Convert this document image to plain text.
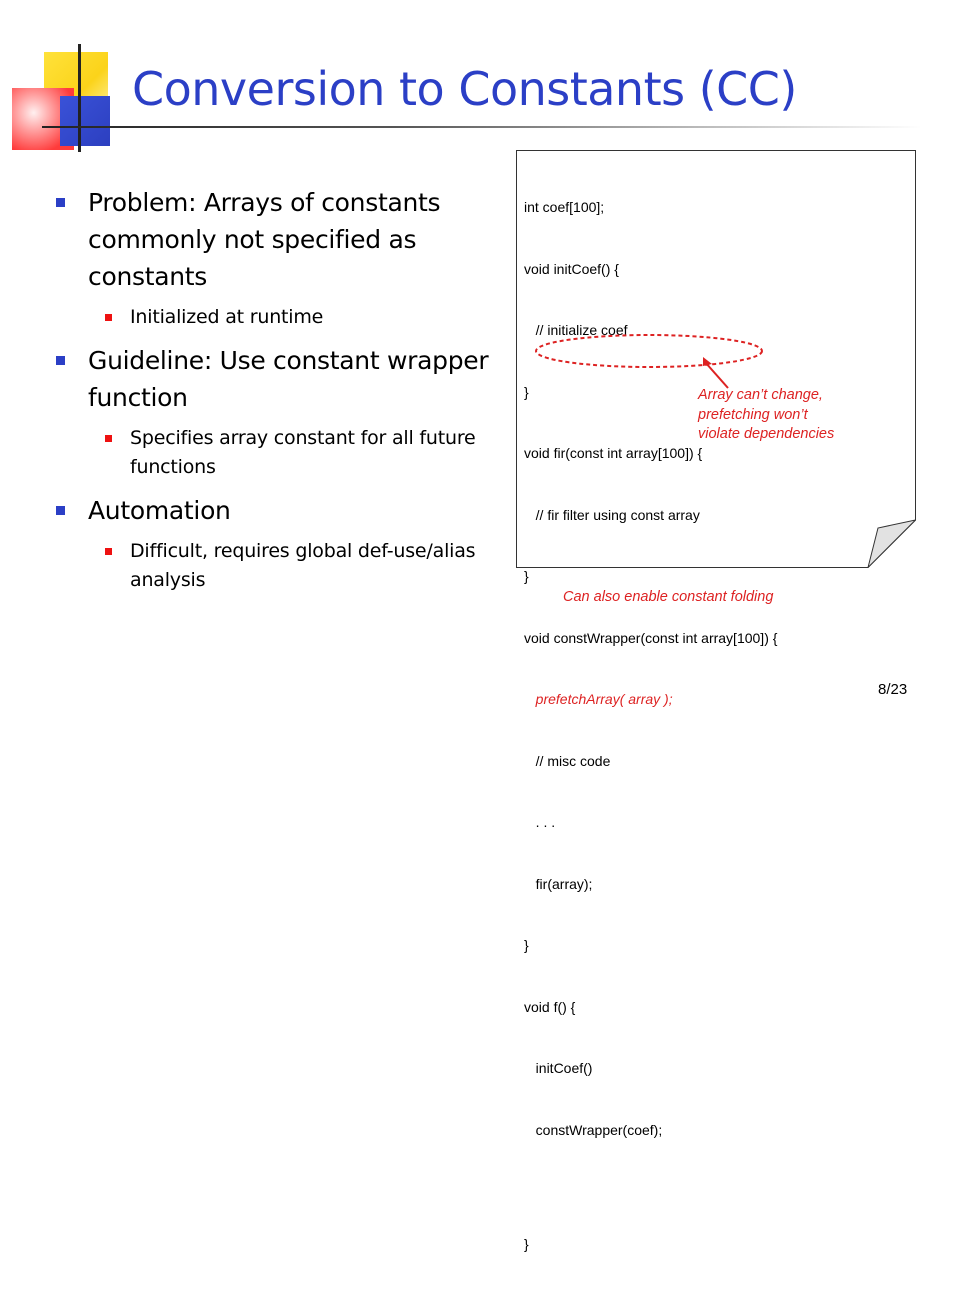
Conversion to Constants (CC)
Problem: Arrays of constants commonly not specified as constants
Initialized at runtime
Guideline: Use constant wrapper function
Specifies array constant for all future functions
Automation
Difficult, requires global def-use/alias analysis

int coef[100];

void initCoef() {

// initialize coef

}

void fir(const int array[100]) {

// fir filter using const array

}

void constWrapper(const int array[100]) {

prefetchArray( array );

// misc code

. . .

fir(array);

}

void f() {

initCoef()

constWrapper(coef);

}

Array can’t change,
prefetching won’t
violate dependencies
Can also enable constant folding
8/23
